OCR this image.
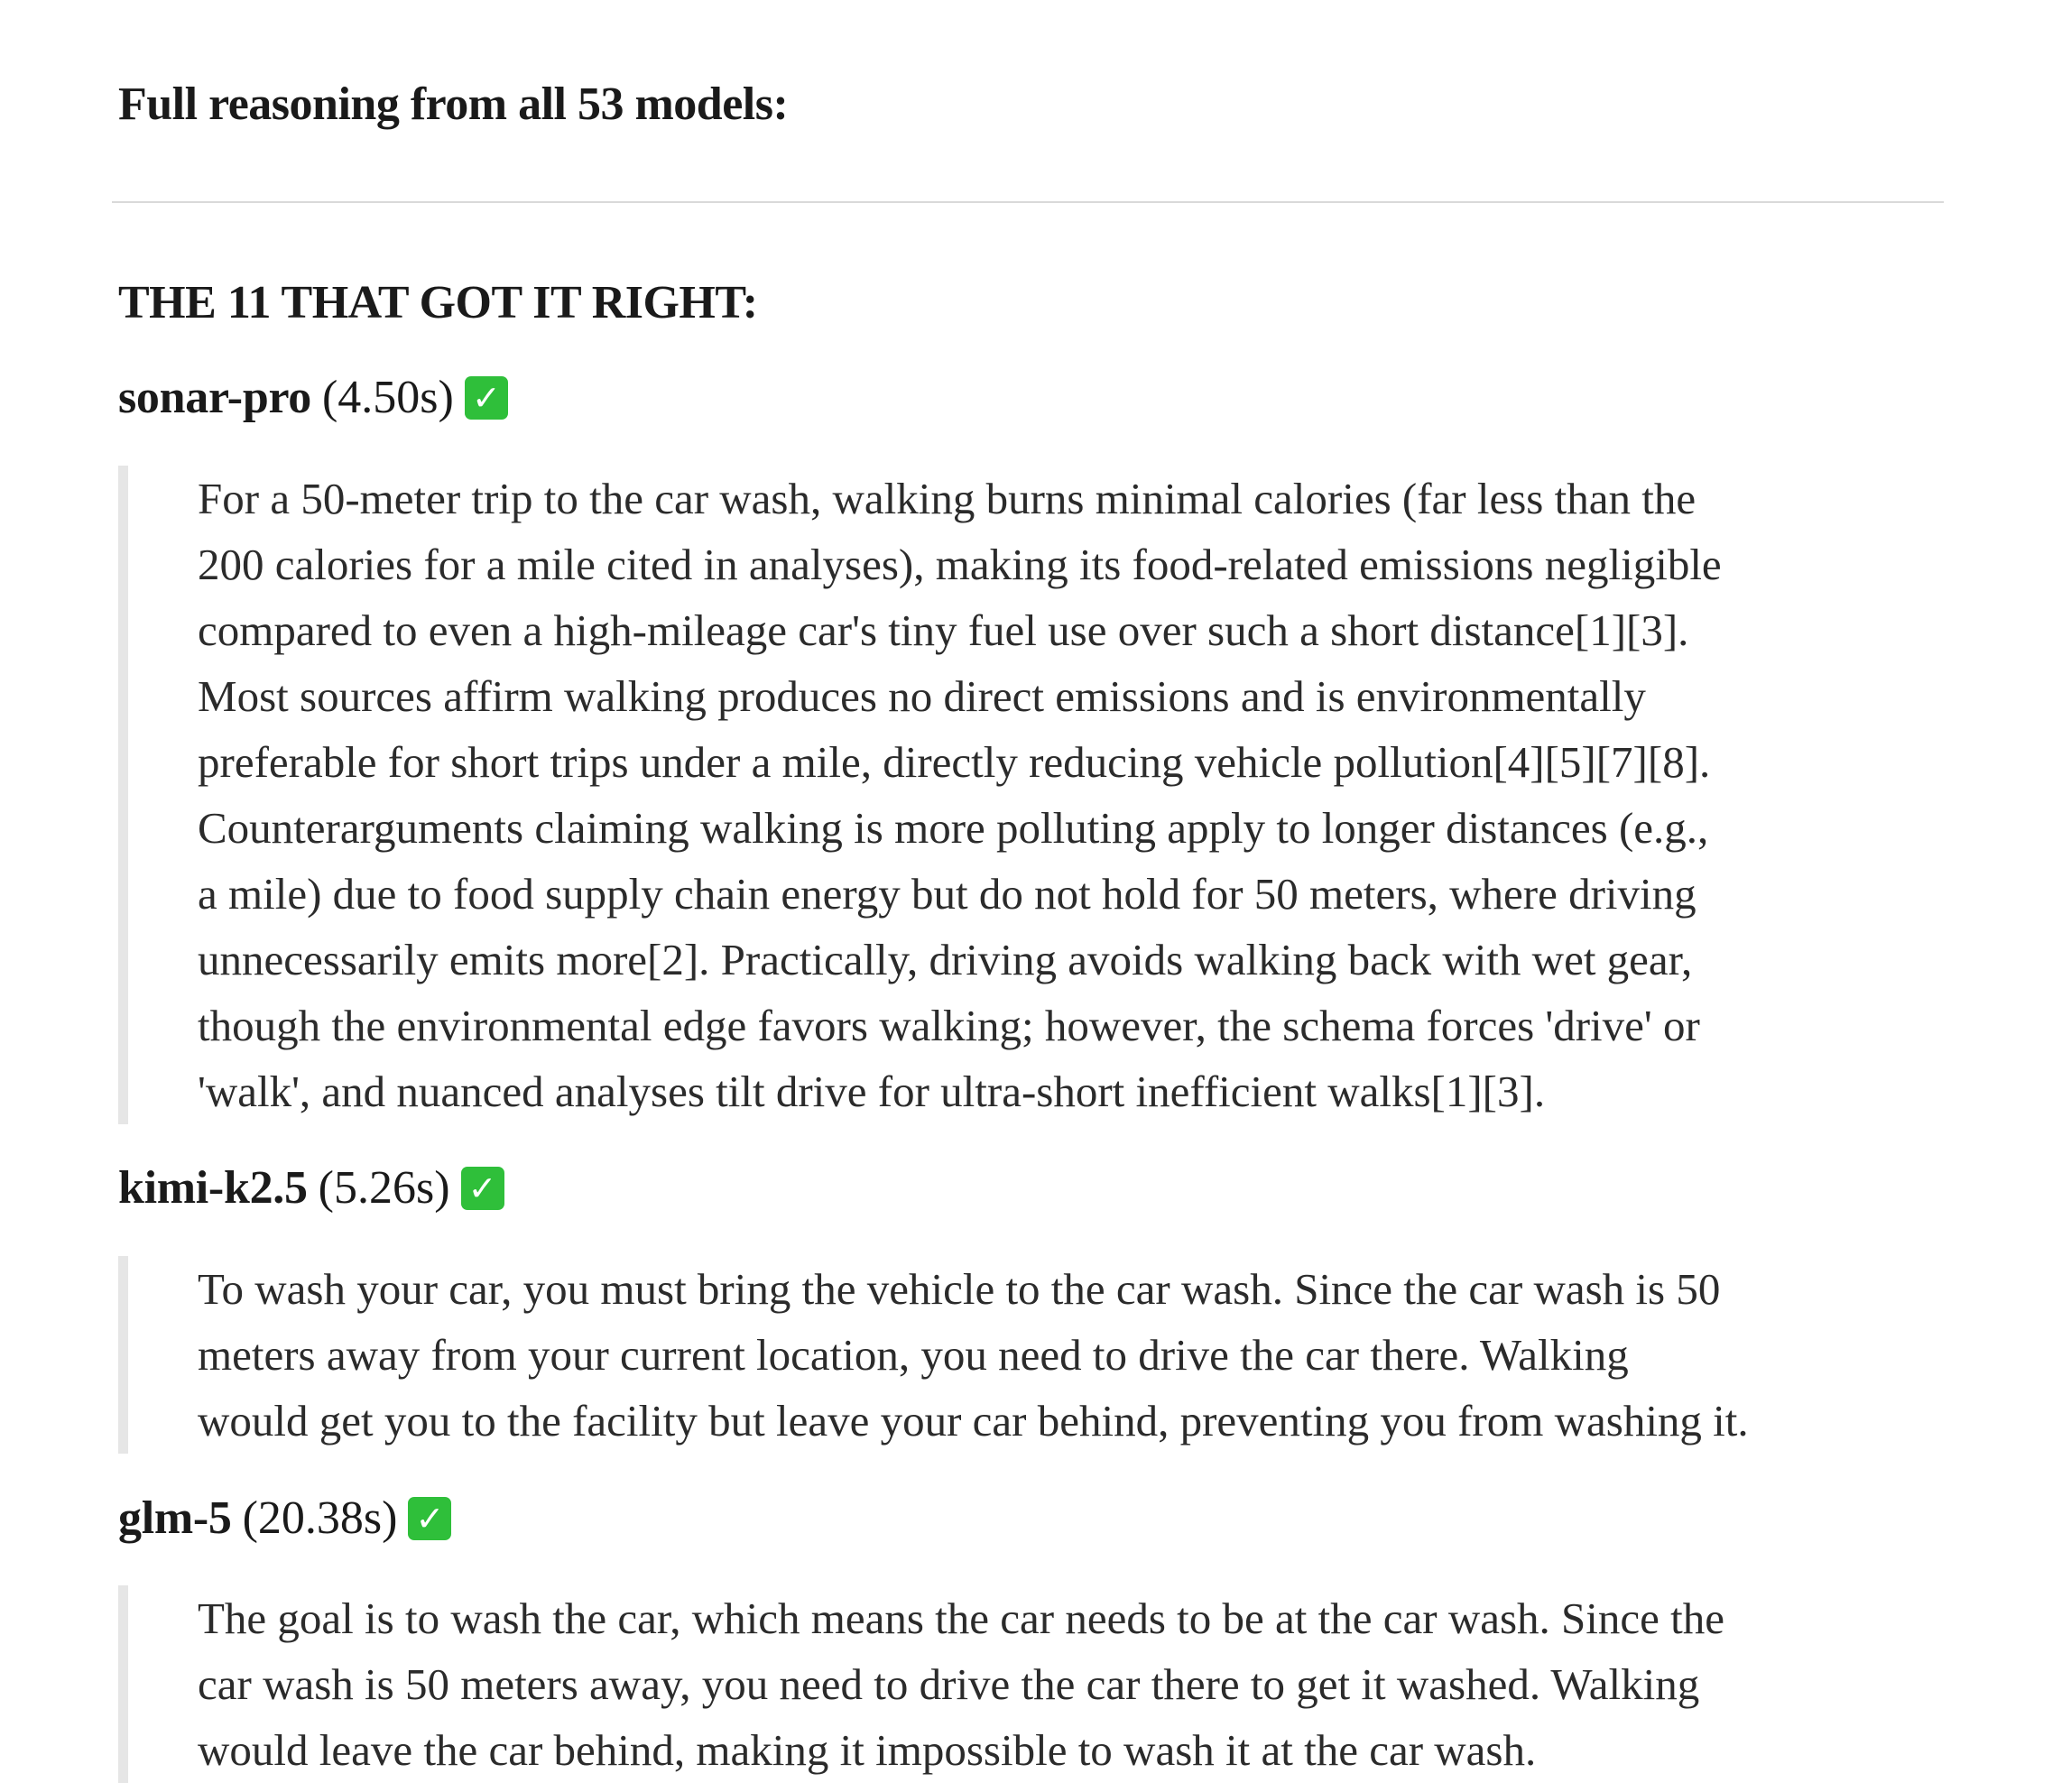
Full reasoning from all 53 models:
THE 11 THAT GOT IT RIGHT:
sonar-pro (4.50s) ✓

For a 50-meter trip to the car wash, walking burns minimal calories (far less than the
200 calories for a mile cited in analyses), making its food-related emissions negligible
compared to even a high-mileage car's tiny fuel use over such a short distance[1][3].
Most sources affirm walking produces no direct emissions and is environmentally
preferable for short trips under a mile, directly reducing vehicle pollution[4][5][7][8].
Counterarguments claiming walking is more polluting apply to longer distances (e.g.,
a mile) due to food supply chain energy but do not hold for 50 meters, where driving
unnecessarily emits more[2]. Practically, driving avoids walking back with wet gear,
though the environmental edge favors walking; however, the schema forces 'drive' or
'walk', and nuanced analyses tilt drive for ultra-short inefficient walks[1][3].

kimi-k2.5 (5.26s) ✓

To wash your car, you must bring the vehicle to the car wash. Since the car wash is 50
meters away from your current location, you need to drive the car there. Walking
would get you to the facility but leave your car behind, preventing you from washing it.

glm-5 (20.38s) ✓

The goal is to wash the car, which means the car needs to be at the car wash. Since the
car wash is 50 meters away, you need to drive the car there to get it washed. Walking
would leave the car behind, making it impossible to wash it at the car wash.
